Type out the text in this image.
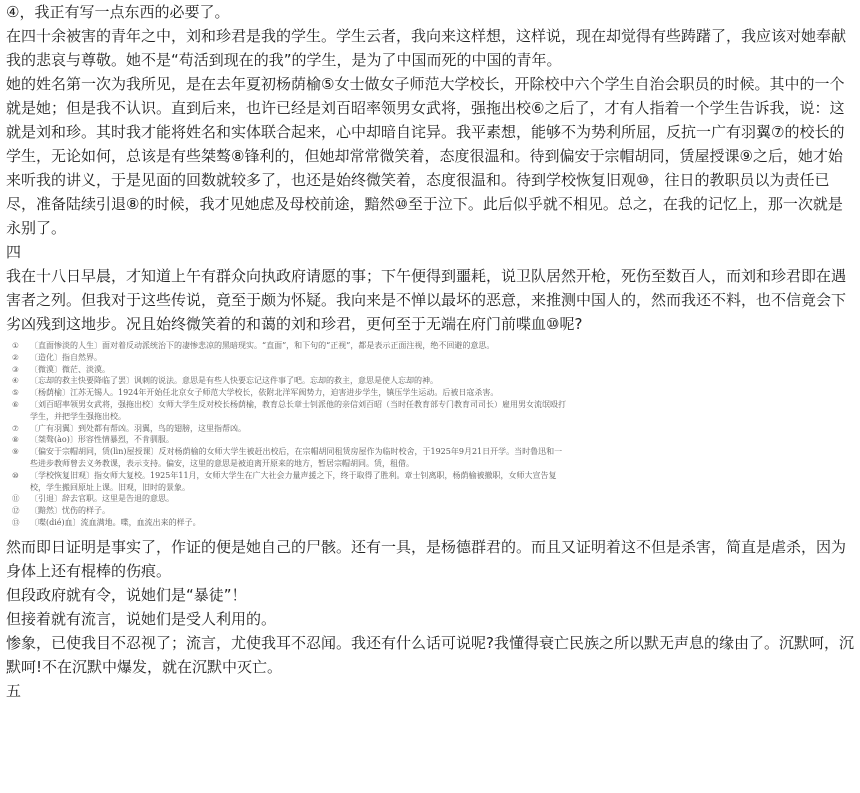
④，我正有写一点东西的必要了。

在四十余被害的青年之中，刘和珍君是我的学生。学生云者，我向来这样想，这样说，现在却觉得有些踌躇了，我应该对她奉献我的悲哀与尊敬。她不是“苟活到现在的我”的学生，是为了中国而死的中国的青年。

她的姓名第一次为我所见，是在去年夏初杨荫榆⑤女士做女子师范大学校长，开除校中六个学生自治会职员的时候。其中的一个就是她；但是我不认识。直到后来，也许已经是刘百昭率领男女武将，强拖出校⑥之后了，才有人指着一个学生告诉我，说：这就是刘和珍。其时我才能将姓名和实体联合起来，心中却暗自诧异。我平素想，能够不为势利所屈，反抗一广有羽翼⑦的校长的学生，无论如何，总该是有些桀骜⑧锋利的，但她却常常微笑着，态度很温和。待到偏安于宗帽胡同，赁屋授课⑨之后，她才始来听我的讲义，于是见面的回数就较多了，也还是始终微笑着，态度很温和。待到学校恢复旧观⑩，往日的教职员以为责任已尽，准备陆续引退⑧的时候，我才见她虑及母校前途，黯然⑩至于泣下。此后似乎就不相见。总之，在我的记忆上，那一次就是永别了。

四

我在十八日早晨，才知道上午有群众向执政府请愿的事；下午便得到噩耗，说卫队居然开枪，死伤至数百人，而刘和珍君即在遇害者之列。但我对于这些传说，竟至于颇为怀疑。我向来是不惮以最坏的恶意，来推测中国人的，然而我还不料，也不信竟会下劣凶残到这地步。况且始终微笑着的和蔼的刘和珍君，更何至于无端在府门前喋血⑩呢?

①	〔直面惨淡的人生〕面对着反动派统治下的凄惨悲凉的黑暗现实。“直面”，和下句的“正视”，都是表示正面注视，绝不回避的意思。
②	〔造化〕指自然界。
③	〔微漠〕微茫、淡漠。
④	〔忘却的救主快要降临了罢〕讽刺的说法。意思是有些人快要忘记这件事了吧。忘却的救主，意思是使人忘却的神。
⑤	〔杨荫榆〕江苏无锡人。1924年开始任北京女子师范大学校长，依附北洋军阀势力，迫害进步学生，镇压学生运动。后被日寇杀害。
⑥	〔刘百昭率领男女武将，强拖出校〕女师大学生反对校长杨荫榆，教育总长章士钊派他的亲信刘百昭（当时任教育部专门教育司司长）雇用男女流氓殴打学生，并把学生强拖出校。
⑦	〔广有羽翼〕到处都有帮凶。羽翼，鸟的翅膀，这里指帮凶。
⑧	〔桀骜(ào)〕形容性情暴烈，不肯驯服。
⑨	〔偏安于宗帽胡同，赁(lìn)屋授课〕反对杨荫榆的女师大学生被赶出校后，在宗帽胡同租赁房屋作为临时校舍，于1925年9月21日开学。当时鲁迅和一些进步教师曾去义务教课，表示支持。偏安，这里的意思是被迫离开原来的地方，暂居宗帽胡同。赁，租借。
⑩	〔学校恢复旧观〕指女师大复校。1925年11月，女师大学生在广大社会力量声援之下，终于取得了胜利。章士钊离职，杨荫榆被撤职，女师大宣告复校，学生搬回原址上课。旧观，旧时的景象。
⑪	〔引退〕辞去官职。这里是告退的意思。
⑫	〔黯然〕忧伤的样子。
⑬	〔喋(dié)血〕流血满地。喋，血流出来的样子。

然而即日证明是事实了，作证的便是她自己的尸骸。还有一具，是杨德群君的。而且又证明着这不但是杀害，简直是虐杀，因为身体上还有棍棒的伤痕。

但段政府就有令，说她们是“暴徒”！

但接着就有流言，说她们是受人利用的。

惨象，已使我目不忍视了；流言，尤使我耳不忍闻。我还有什么话可说呢?我懂得衰亡民族之所以默无声息的缘由了。沉默呵，沉默呵!不在沉默中爆发，就在沉默中灭亡。

五
